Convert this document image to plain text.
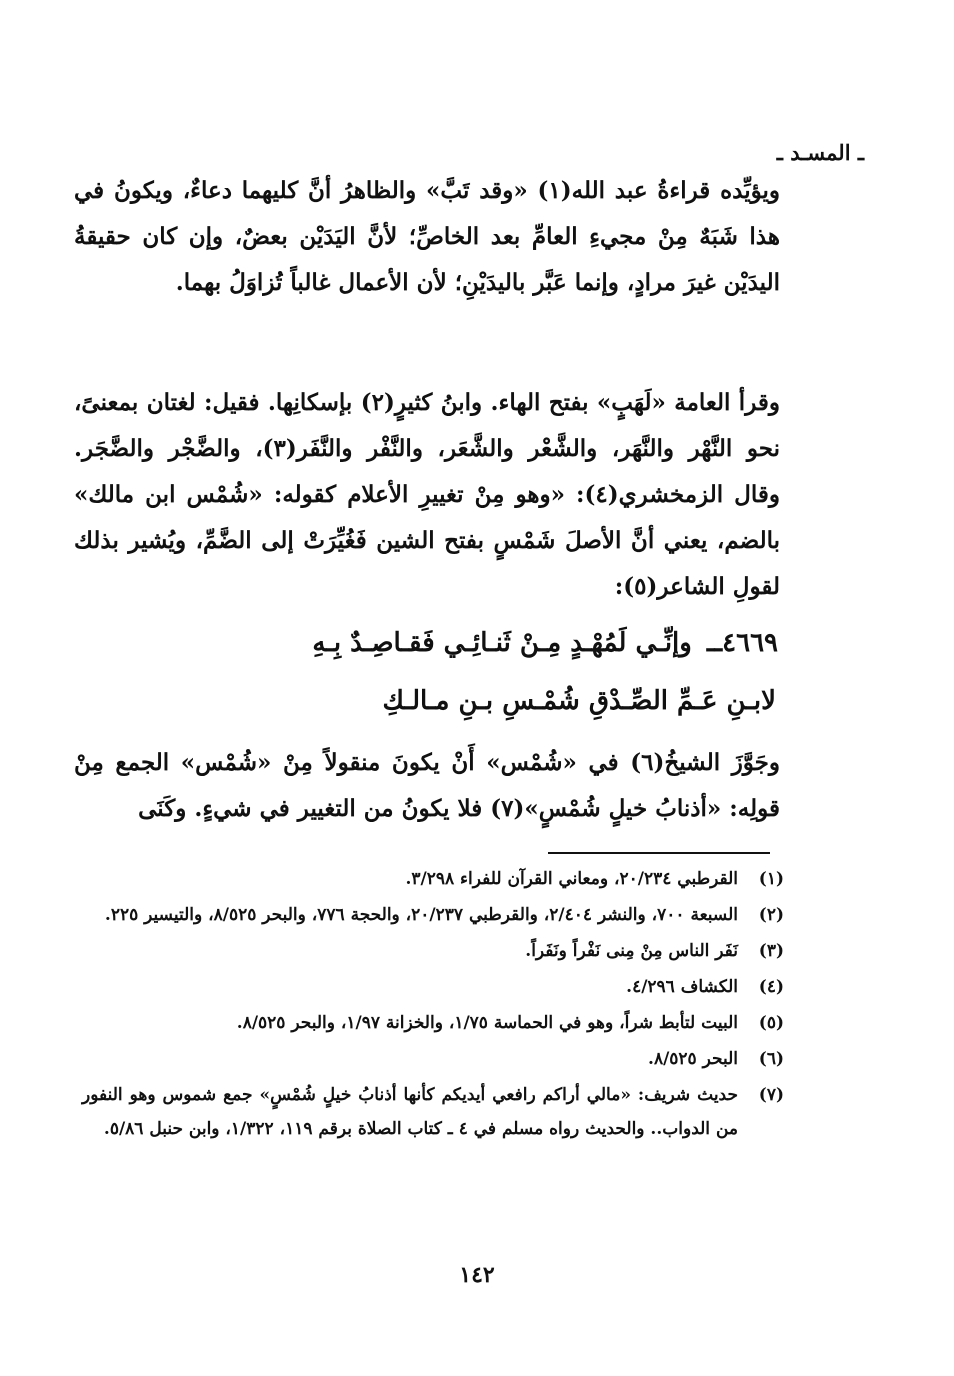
ـ المسـد ـ
ويؤيِّده قراءةُ عبد الله(١) «وقد تَبَّ» والظاهرُ أنَّ كليهما دعاءٌ، ويكونُ في هذا شَبَهٌ مِنْ مجيءِ العامِّ بعد الخاصِّ؛ لأنَّ اليَدَيْن بعضٌ، وإن كان حقيقةُ اليدَيْن غيرَ مرادٍ، وإنما عَبَّر باليدَيْنِ؛ لأن الأعمال غالباً تُزاوَلُ بهما.
وقرأ العامة «لَهَبٍ» بفتح الهاء. وابنُ كثيرٍ(٢) بإسكانِها. فقيل: لغتان بمعنىً، نحو النَّهْر والنَّهَر، والشَّعْر والشَّعَر، والنَّفْر والنَّفَر(٣)، والضَّجْر والضَّجَر. وقال الزمخشري(٤): «وهو مِنْ تغييرِ الأعلام كقوله: «شُمْس ابن مالك» بالضم، يعني أنَّ الأصلَ شَمْسٍ بفتح الشين فَغُيِّرَتْ إلى الضَّمِّ، ويُشير بذلك لقولِ الشاعر(٥):
٤٦٦٩ــ وإنِّـي لَمُهْـدٍ مِـنْ ثَنـائِـي فَقـاصِـدٌ بِـهِ
لابـنِ عَـمِّ الصِّـدْقِ شُمْـسِ بـنِ مـالـكِ
وجَوَّزَ الشيخُ(٦) في «شُمْس» أَنْ يكونَ منقولاً مِنْ «شُمْس» الجمع مِنْ قولِه: «أذنابُ خيلٍ شُمْسٍ»(٧) فلا يكونُ من التغيير في شيءٍ. وكَنَى
(١)
القرطبي ٢٠/٢٣٤، ومعاني القرآن للفراء ٣/٢٩٨.
(٢)
السبعة ٧٠٠، والنشر ٢/٤٠٤، والقرطبي ٢٠/٢٣٧، والحجة ٧٧٦، والبحر ٨/٥٢٥، والتيسير ٢٢٥.
(٣)
نَفَر الناس مِنْ مِنى نَفْراً ونَفَراً.
(٤)
الكشاف ٤/٢٩٦.
(٥)
البيت لتأبط شراً، وهو في الحماسة ١/٧٥، والخزانة ١/٩٧، والبحر ٨/٥٢٥.
(٦)
البحر ٨/٥٢٥.
(٧)
حديث شريف: «مالي أراكم رافعي أيديكم كأنها أذنابُ خيلٍ شُمْسٍ» جمع شموس وهو النفور من الدواب.. والحديث رواه مسلم في ٤ ـ كتاب الصلاة برقم ١١٩، ١/٣٢٢، وابن حنبل ٥/٨٦.
١٤٢
